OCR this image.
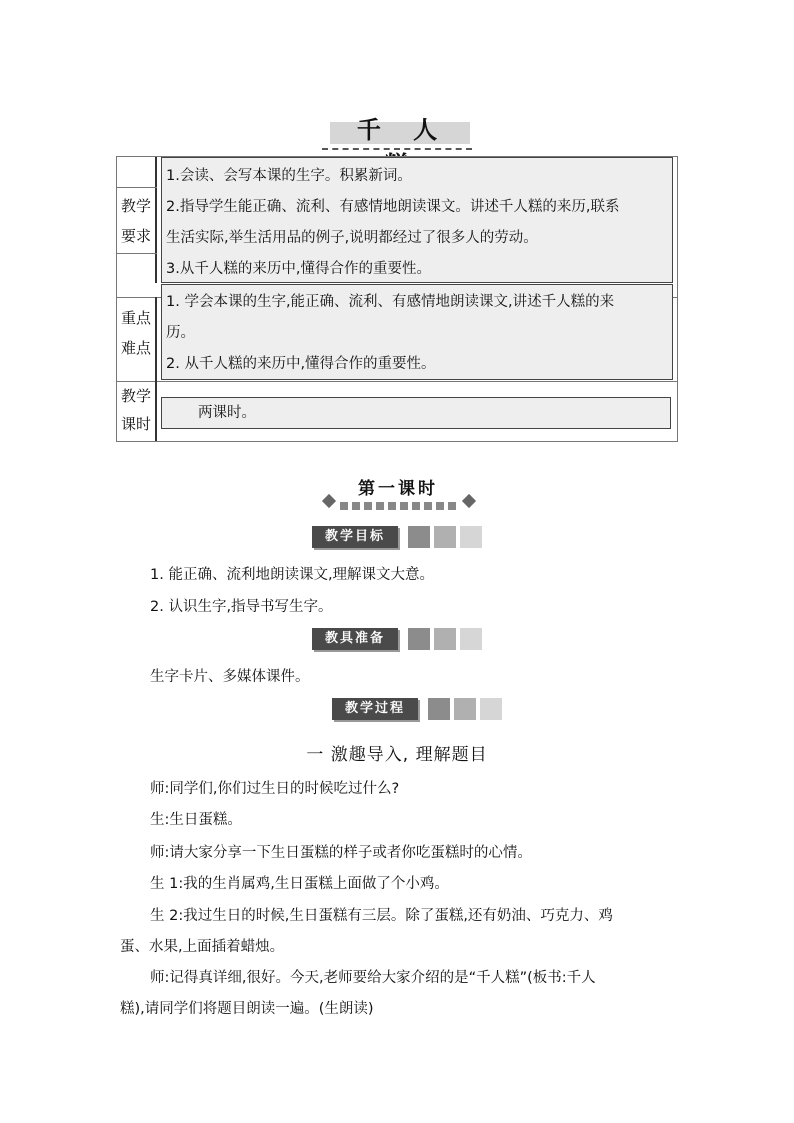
千 人
教学
要求

1.会读、会写本课的生字。积累新词。

2.指导学生能正确、流利、有感情地朗读课文。讲述千人糕的来历,联系

生活实际,举生活用品的例子,说明都经过了很多人的劳动。

3.从千人糕的来历中,懂得合作的重要性。

重点
难点

1. 学会本课的生字,能正确、流利、有感情地朗读课文,讲述千人糕的来

历。

2. 从千人糕的来历中,懂得合作的重要性。

教学
课时

两课时。

第一课时
教学目标
1. 能正确、流利地朗读课文,理解课文大意。
2. 认识生字,指导书写生字。
教具准备
生字卡片、多媒体课件。
教学过程
一 激趣导入, 理解题目
师:同学们,你们过生日的时候吃过什么?
生:生日蛋糕。
师:请大家分享一下生日蛋糕的样子或者你吃蛋糕时的心情。
生 1:我的生肖属鸡,生日蛋糕上面做了个小鸡。
生 2:我过生日的时候,生日蛋糕有三层。除了蛋糕,还有奶油、巧克力、鸡
蛋、水果,上面插着蜡烛。
师:记得真详细,很好。今天,老师要给大家介绍的是“千人糕”(板书:千人
糕),请同学们将题目朗读一遍。(生朗读)
